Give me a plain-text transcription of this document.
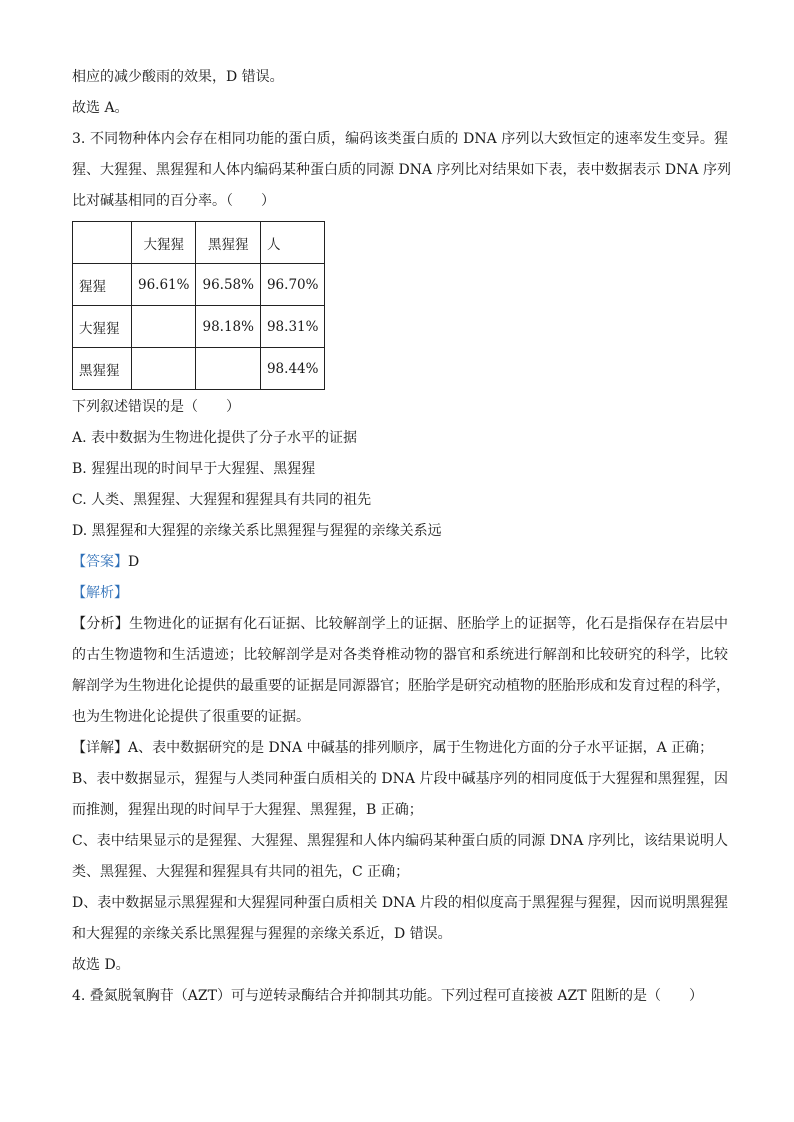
相应的减少酸雨的效果，D 错误。
故选 A。
3. 不同物种体内会存在相同功能的蛋白质，编码该类蛋白质的 DNA 序列以大致恒定的速率发生变异。猩
猩、大猩猩、黑猩猩和人体内编码某种蛋白质的同源 DNA 序列比对结果如下表，表中数据表示 DNA 序列
比对碱基相同的百分率。（　　）
	大猩猩	黑猩猩	人
猩猩	96.61%	96.58%	96.70%
大猩猩		98.18%	98.31%
黑猩猩			98.44%
下列叙述错误的是（　　）
A. 表中数据为生物进化提供了分子水平的证据
B. 猩猩出现的时间早于大猩猩、黑猩猩
C. 人类、黑猩猩、大猩猩和猩猩具有共同的祖先
D. 黑猩猩和大猩猩的亲缘关系比黑猩猩与猩猩的亲缘关系远
【答案】D
【解析】
【分析】生物进化的证据有化石证据、比较解剖学上的证据、胚胎学上的证据等，化石是指保存在岩层中
的古生物遗物和生活遗迹；比较解剖学是对各类脊椎动物的器官和系统进行解剖和比较研究的科学，比较
解剖学为生物进化论提供的最重要的证据是同源器官；胚胎学是研究动植物的胚胎形成和发育过程的科学，
也为生物进化论提供了很重要的证据。
【详解】A、表中数据研究的是 DNA 中碱基的排列顺序，属于生物进化方面的分子水平证据，A 正确；
B、表中数据显示，猩猩与人类同种蛋白质相关的 DNA 片段中碱基序列的相同度低于大猩猩和黑猩猩，因
而推测，猩猩出现的时间早于大猩猩、黑猩猩，B 正确；
C、表中结果显示的是猩猩、大猩猩、黑猩猩和人体内编码某种蛋白质的同源 DNA 序列比，该结果说明人
类、黑猩猩、大猩猩和猩猩具有共同的祖先，C 正确；
D、表中数据显示黑猩猩和大猩猩同种蛋白质相关 DNA 片段的相似度高于黑猩猩与猩猩，因而说明黑猩猩
和大猩猩的亲缘关系比黑猩猩与猩猩的亲缘关系近，D 错误。
故选 D。
4. 叠氮脱氧胸苷（AZT）可与逆转录酶结合并抑制其功能。下列过程可直接被 AZT 阻断的是（　　）
